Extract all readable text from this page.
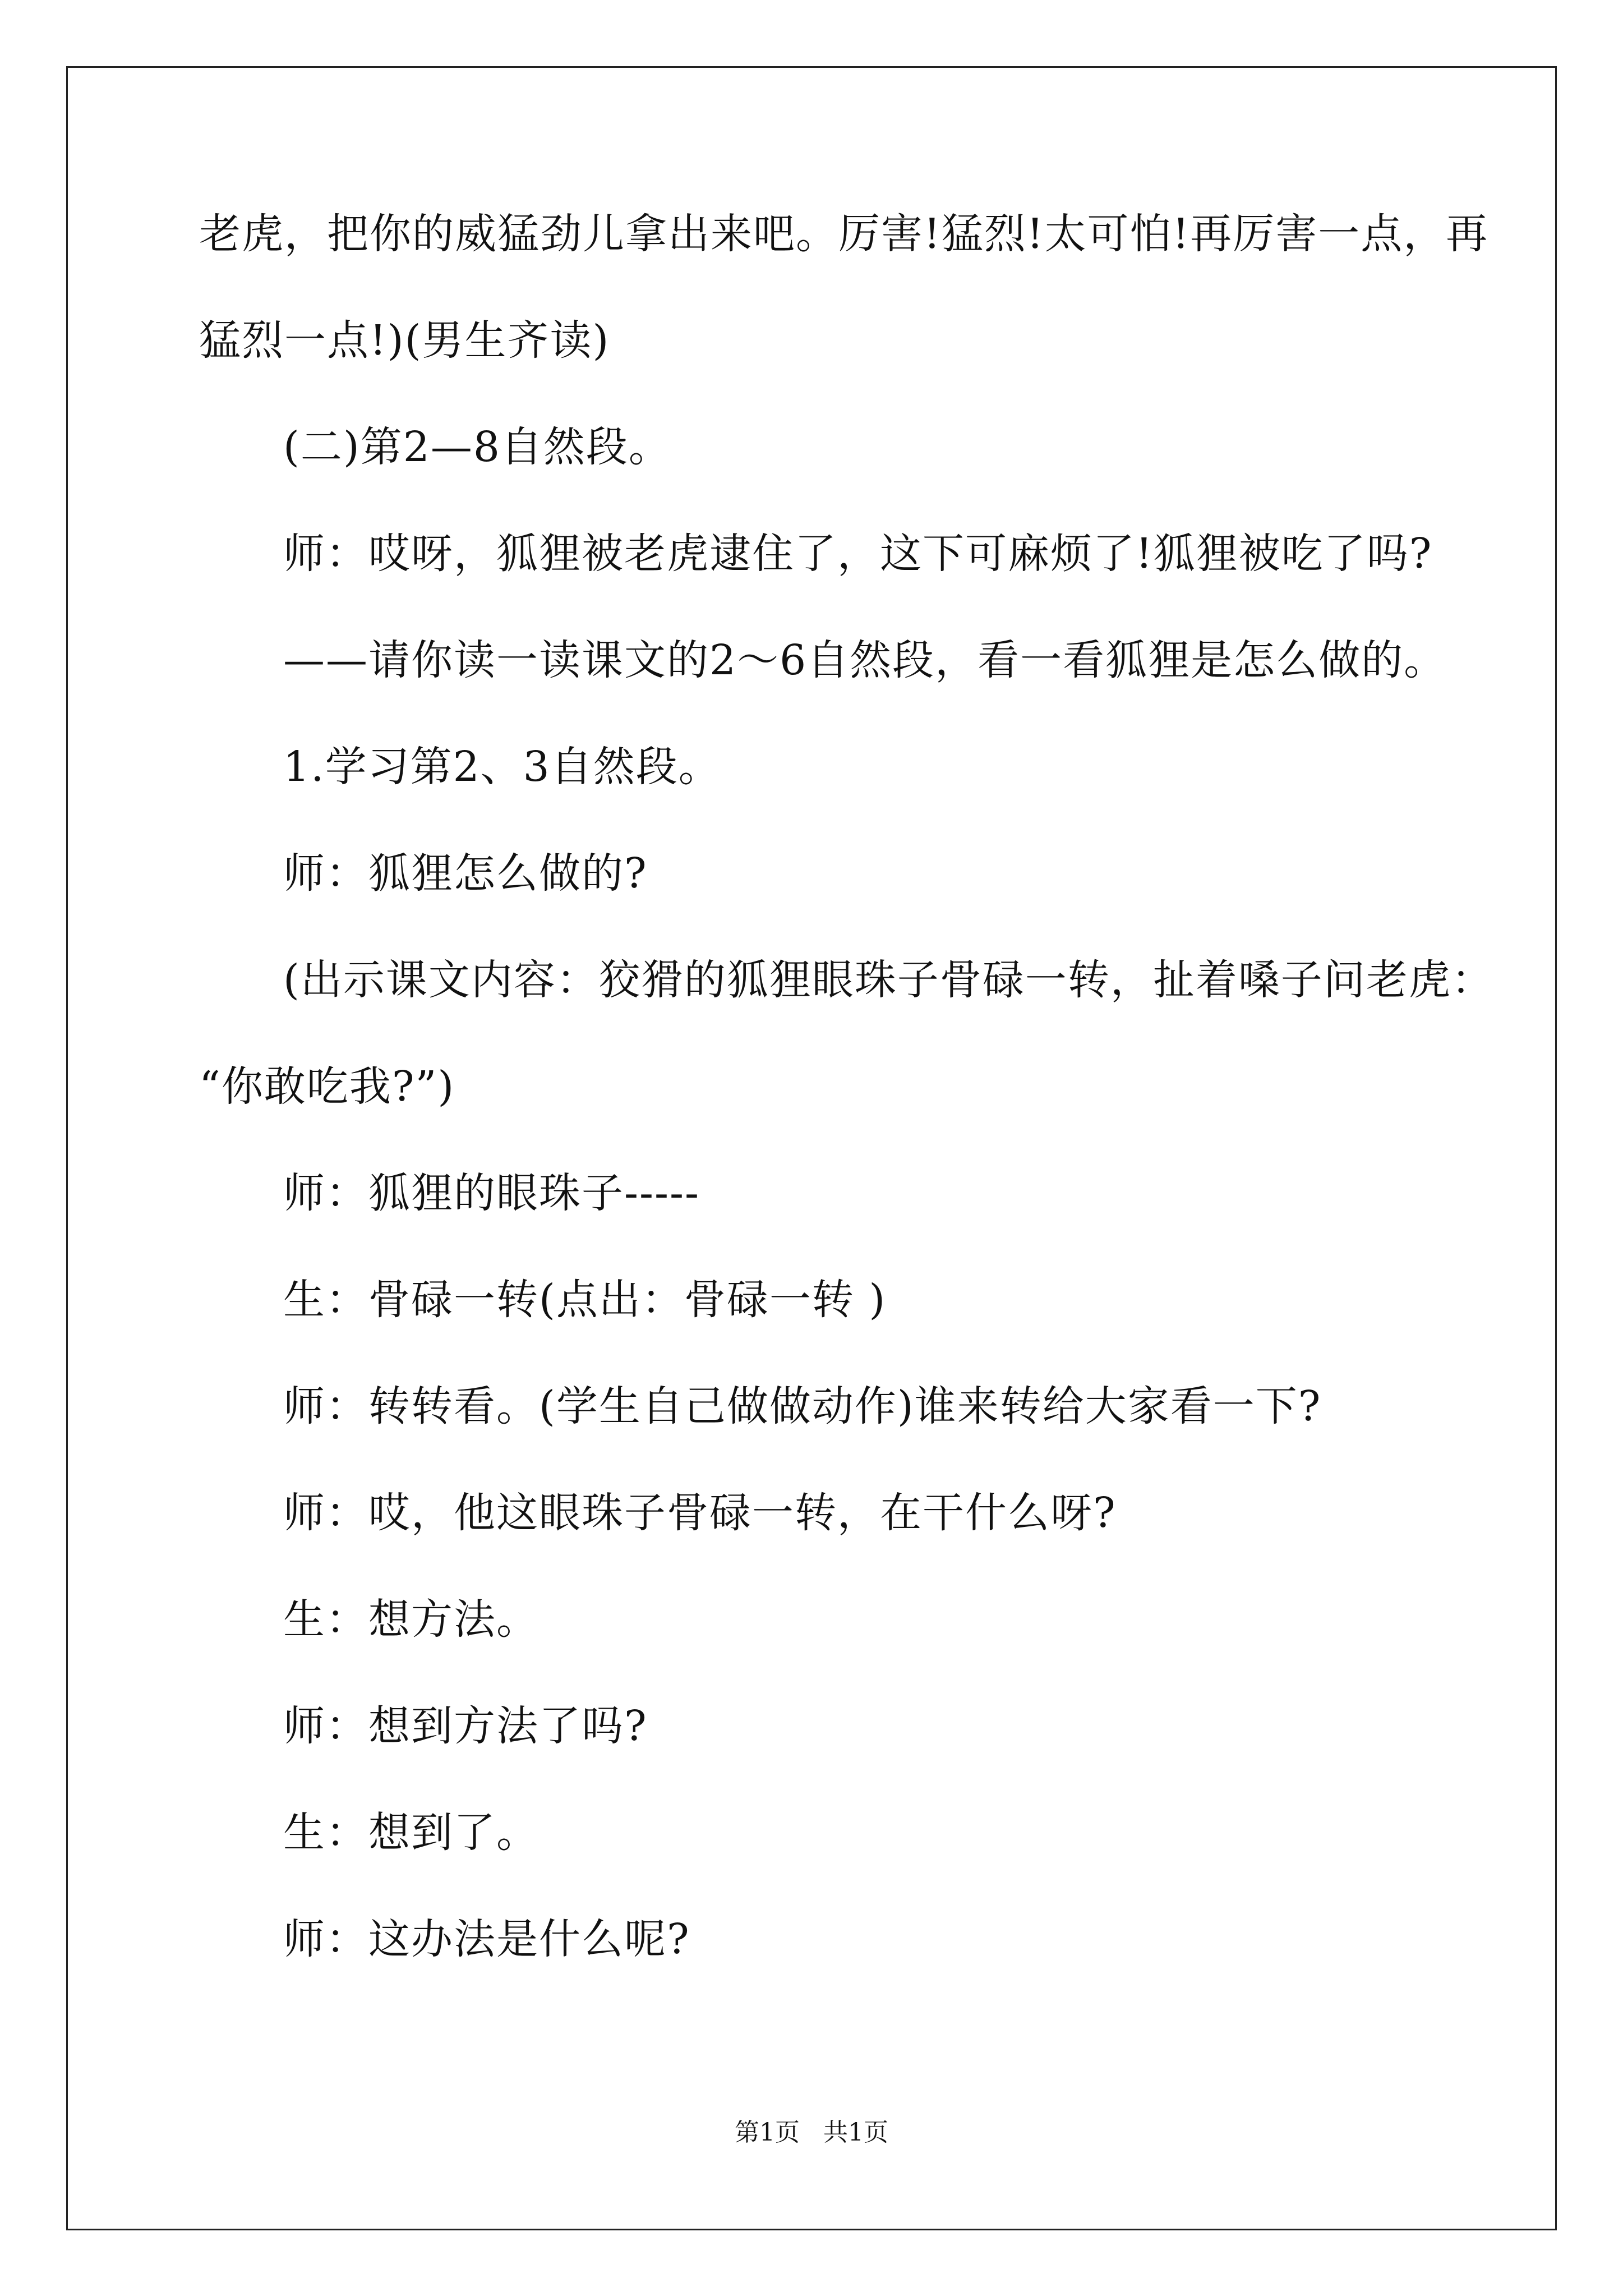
老虎，把你的威猛劲儿拿出来吧。厉害!猛烈!太可怕!再厉害一点，再
猛烈一点!)(男生齐读)
(二)第2—8自然段。
师：哎呀，狐狸被老虎逮住了，这下可麻烦了!狐狸被吃了吗?
——请你读一读课文的2～6自然段，看一看狐狸是怎么做的。
1.学习第2、3自然段。
师：狐狸怎么做的?
(出示课文内容：狡猾的狐狸眼珠子骨碌一转，扯着嗓子问老虎：
“你敢吃我?”)
师：狐狸的眼珠子-----
生：骨碌一转(点出：骨碌一转 )
师：转转看。(学生自己做做动作)谁来转给大家看一下?
师：哎，他这眼珠子骨碌一转，在干什么呀?
生：想方法。
师：想到方法了吗?
生：想到了。
师：这办法是什么呢?
第1页   共1页
